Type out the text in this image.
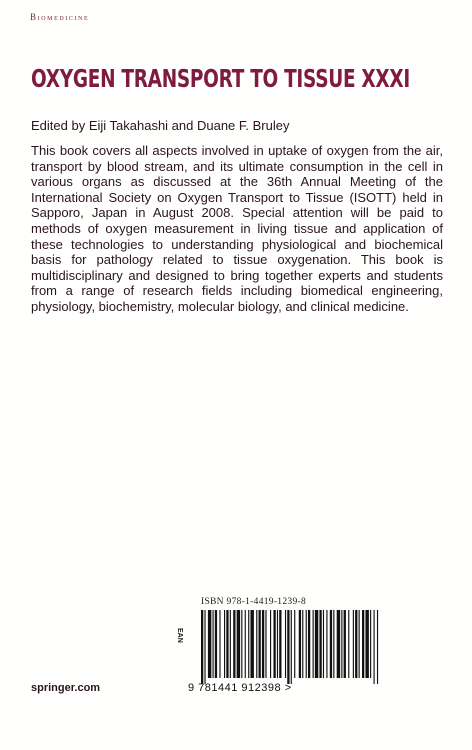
Biomedicine
OXYGEN TRANSPORT TO TISSUE XXXI
Edited by Eiji Takahashi and Duane F. Bruley

This book covers all aspects involved in uptake of oxygen from the air, transport by blood stream, and its ultimate consumption in the cell in various organs as discussed at the 36th Annual Meeting of the International Society on Oxygen Transport to Tissue (ISOTT) held in Sapporo, Japan in August 2008. Special attention will be paid to methods of oxygen measurement in living tissue and application of these technologies to understanding physiological and biochemical basis for pathology related to tissue oxygenation. This book is multidisciplinary and designed to bring together experts and students from a range of research fields including biomedical engineering, physiology, biochemistry, molecular biology, and clinical medicine.

ISBN 978-1-4419-1239-8
EAN
9 781441 912398 >
springer.com
